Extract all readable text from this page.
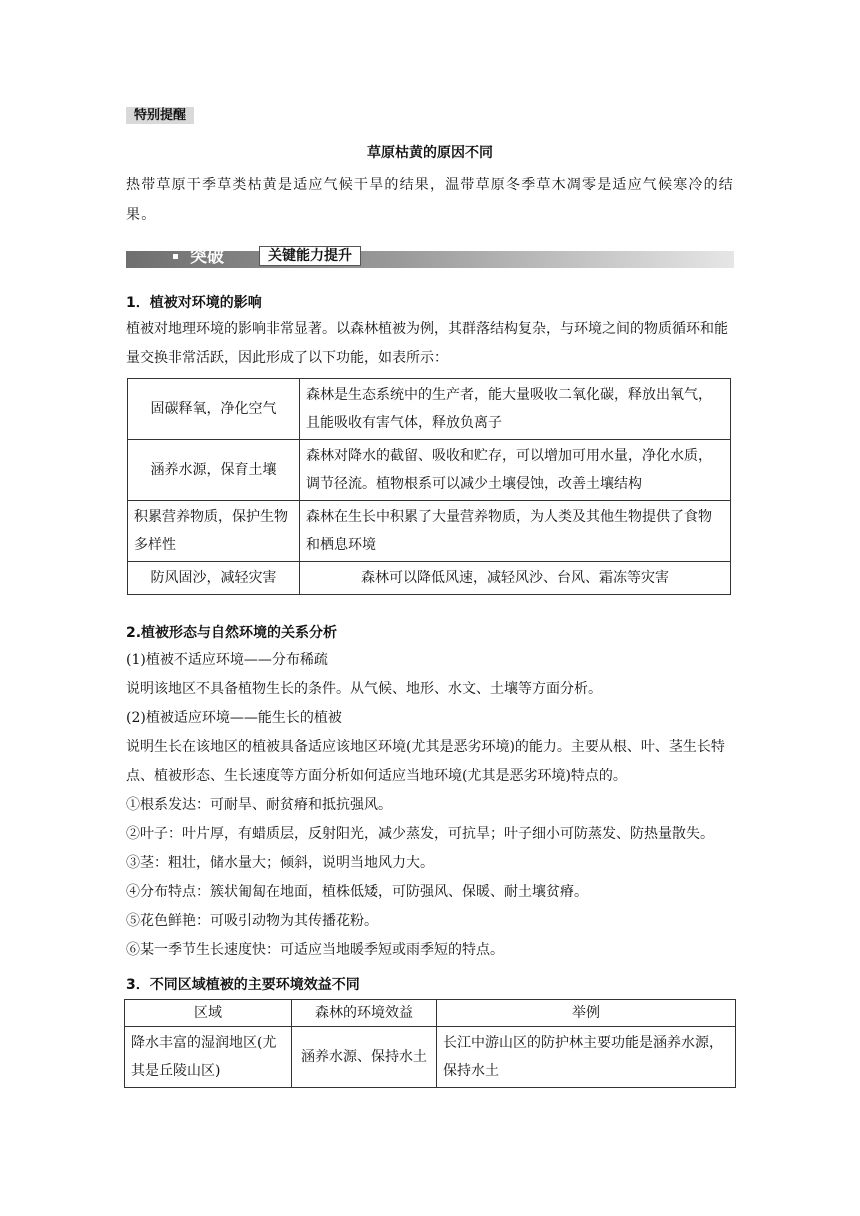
特别提醒
草原枯黄的原因不同
热带草原干季草类枯黄是适应气候干旱的结果，温带草原冬季草木凋零是适应气候寒冷的结果。
突破	关键能力提升
1．植被对环境的影响
植被对地理环境的影响非常显著。以森林植被为例，其群落结构复杂，与环境之间的物质循环和能量交换非常活跃，因此形成了以下功能，如表所示：
固碳释氧，净化空气	森林是生态系统中的生产者，能大量吸收二氧化碳，释放出氧气，且能吸收有害气体，释放负离子
涵养水源，保育土壤	森林对降水的截留、吸收和贮存，可以增加可用水量，净化水质，调节径流。植物根系可以减少土壤侵蚀，改善土壤结构
积累营养物质，保护生物多样性	森林在生长中积累了大量营养物质，为人类及其他生物提供了食物和栖息环境
防风固沙，减轻灾害	森林可以降低风速，减轻风沙、台风、霜冻等灾害
2.植被形态与自然环境的关系分析
(1)植被不适应环境——分布稀疏
说明该地区不具备植物生长的条件。从气候、地形、水文、土壤等方面分析。
(2)植被适应环境——能生长的植被
说明生长在该地区的植被具备适应该地区环境(尤其是恶劣环境)的能力。主要从根、叶、茎生长特点、植被形态、生长速度等方面分析如何适应当地环境(尤其是恶劣环境)特点的。
①根系发达：可耐旱、耐贫瘠和抵抗强风。
②叶子：叶片厚，有蜡质层，反射阳光，减少蒸发，可抗旱；叶子细小可防蒸发、防热量散失。
③茎：粗壮，储水量大；倾斜，说明当地风力大。
④分布特点：簇状匍匐在地面，植株低矮，可防强风、保暖、耐土壤贫瘠。
⑤花色鲜艳：可吸引动物为其传播花粉。
⑥某一季节生长速度快：可适应当地暖季短或雨季短的特点。
3．不同区域植被的主要环境效益不同
区域	森林的环境效益	举例
降水丰富的湿润地区(尤其是丘陵山区)	涵养水源、保持水土	长江中游山区的防护林主要功能是涵养水源，保持水土
